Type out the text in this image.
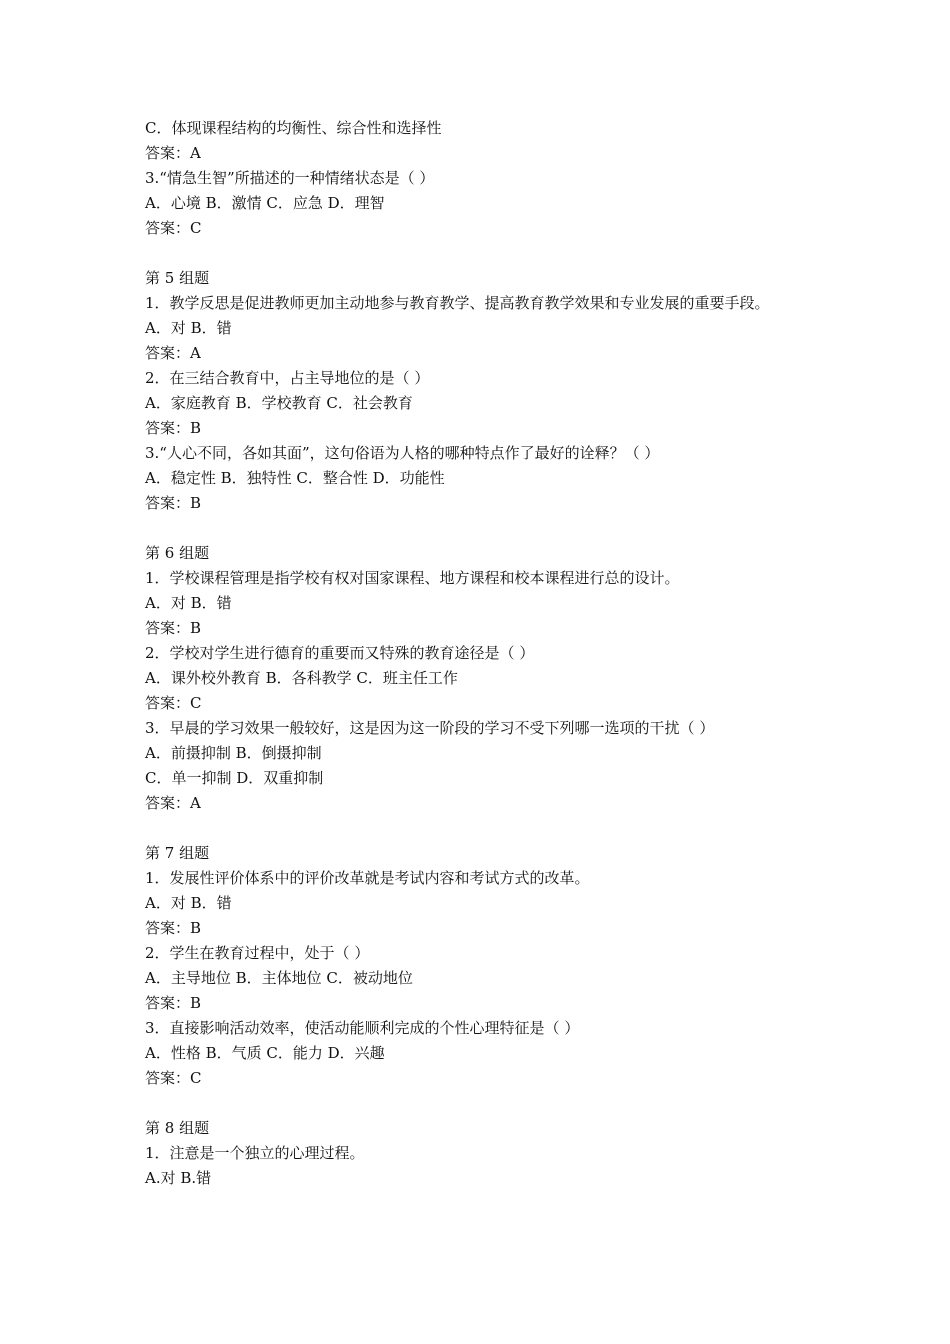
C．体现课程结构的均衡性、综合性和选择性
答案：A
3.“情急生智”所描述的一种情绪状态是（ ）
A．心境 B．激情 C．应急 D．理智
答案：C
第 5 组题
1．教学反思是促进教师更加主动地参与教育教学、提高教育教学效果和专业发展的重要手段。
A．对 B．错
答案：A
2．在三结合教育中，占主导地位的是（ ）
A．家庭教育 B．学校教育 C．社会教育
答案：B
3.“人心不同，各如其面”，这句俗语为人格的哪种特点作了最好的诠释？（ ）
A．稳定性 B．独特性 C．整合性 D．功能性
答案：B
第 6 组题
1．学校课程管理是指学校有权对国家课程、地方课程和校本课程进行总的设计。
A．对 B．错
答案：B
2．学校对学生进行德育的重要而又特殊的教育途径是（ ）
A．课外校外教育 B．各科教学 C．班主任工作
答案：C
3．早晨的学习效果一般较好，这是因为这一阶段的学习不受下列哪一选项的干扰（ ）
A．前摄抑制 B．倒摄抑制
C．单一抑制 D．双重抑制
答案：A
第 7 组题
1．发展性评价体系中的评价改革就是考试内容和考试方式的改革。
A．对 B．错
答案：B
2．学生在教育过程中，处于（ ）
A．主导地位 B．主体地位 C．被动地位
答案：B
3．直接影响活动效率，使活动能顺利完成的个性心理特征是（ ）
A．性格 B．气质 C．能力 D．兴趣
答案：C
第 8 组题
1．注意是一个独立的心理过程。
A.对 B.错
